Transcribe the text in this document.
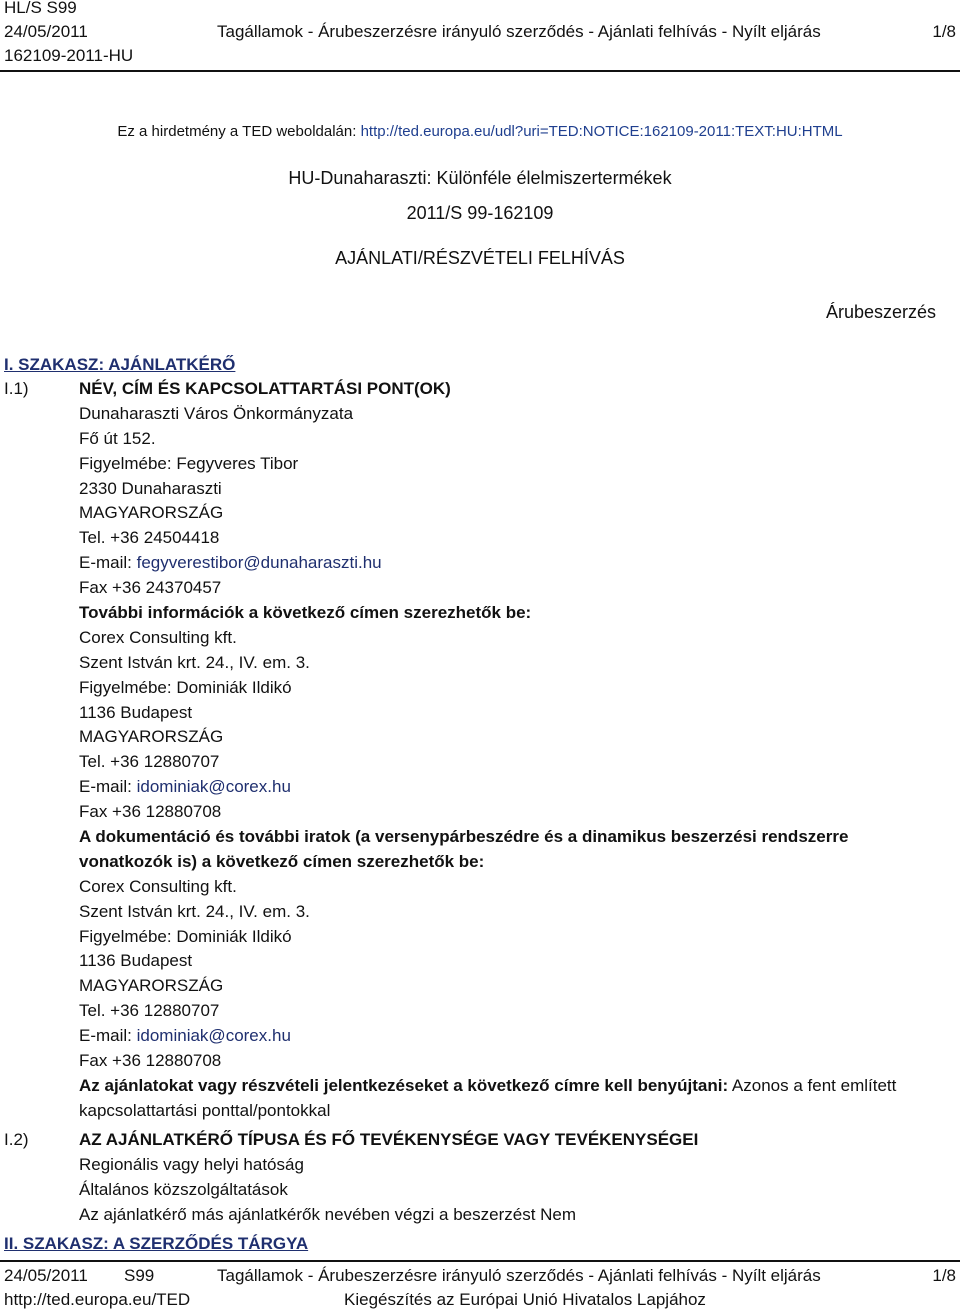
HL/S S99
24/05/2011
162109-2011-HU
Tagállamok - Árubeszerzésre irányuló szerződés - Ajánlati felhívás - Nyílt eljárás	1/8
Ez a hirdetmény a TED weboldalán: http://ted.europa.eu/udl?uri=TED:NOTICE:162109-2011:TEXT:HU:HTML
HU-Dunaharaszti: Különféle élelmiszertermékek
2011/S 99-162109
AJÁNLATI/RÉSZVÉTELI FELHÍVÁS
Árubeszerzés
I. SZAKASZ: AJÁNLATKÉRŐ
I.1)	NÉV, CÍM ÉS KAPCSOLATTARTÁSI PONT(OK)
Dunaharaszti Város Önkormányzata
Fő út 152.
Figyelmébe: Fegyveres Tibor
2330 Dunaharaszti
MAGYARORSZÁG
Tel. +36 24504418
E-mail: fegyverestibor@dunaharaszti.hu
Fax +36 24370457
További információk a következő címen szerezhetők be:
Corex Consulting kft.
Szent István krt. 24., IV. em. 3.
Figyelmébe: Dominiák Ildikó
1136 Budapest
MAGYARORSZÁG
Tel. +36 12880707
E-mail: idominiak@corex.hu
Fax +36 12880708
A dokumentáció és további iratok (a versenypárbeszédre és a dinamikus beszerzési rendszerre
vonatkozók is) a következő címen szerezhetők be:
Corex Consulting kft.
Szent István krt. 24., IV. em. 3.
Figyelmébe: Dominiák Ildikó
1136 Budapest
MAGYARORSZÁG
Tel. +36 12880707
E-mail: idominiak@corex.hu
Fax +36 12880708
Az ajánlatokat vagy részvételi jelentkezéseket a következő címre kell benyújtani: Azonos a fent említett
kapcsolattartási ponttal/pontokkal
I.2)	AZ AJÁNLATKÉRŐ TÍPUSA ÉS FŐ TEVÉKENYSÉGE VAGY TEVÉKENYSÉGEI
Regionális vagy helyi hatóság
Általános közszolgáltatások
Az ajánlatkérő más ajánlatkérők nevében végzi a beszerzést Nem
II. SZAKASZ: A SZERZŐDÉS TÁRGYA
24/05/2011 S99	Tagállamok - Árubeszerzésre irányuló szerződés - Ajánlati felhívás - Nyílt eljárás	1/8
http://ted.europa.eu/TED	Kiegészítés az Európai Unió Hivatalos Lapjához
